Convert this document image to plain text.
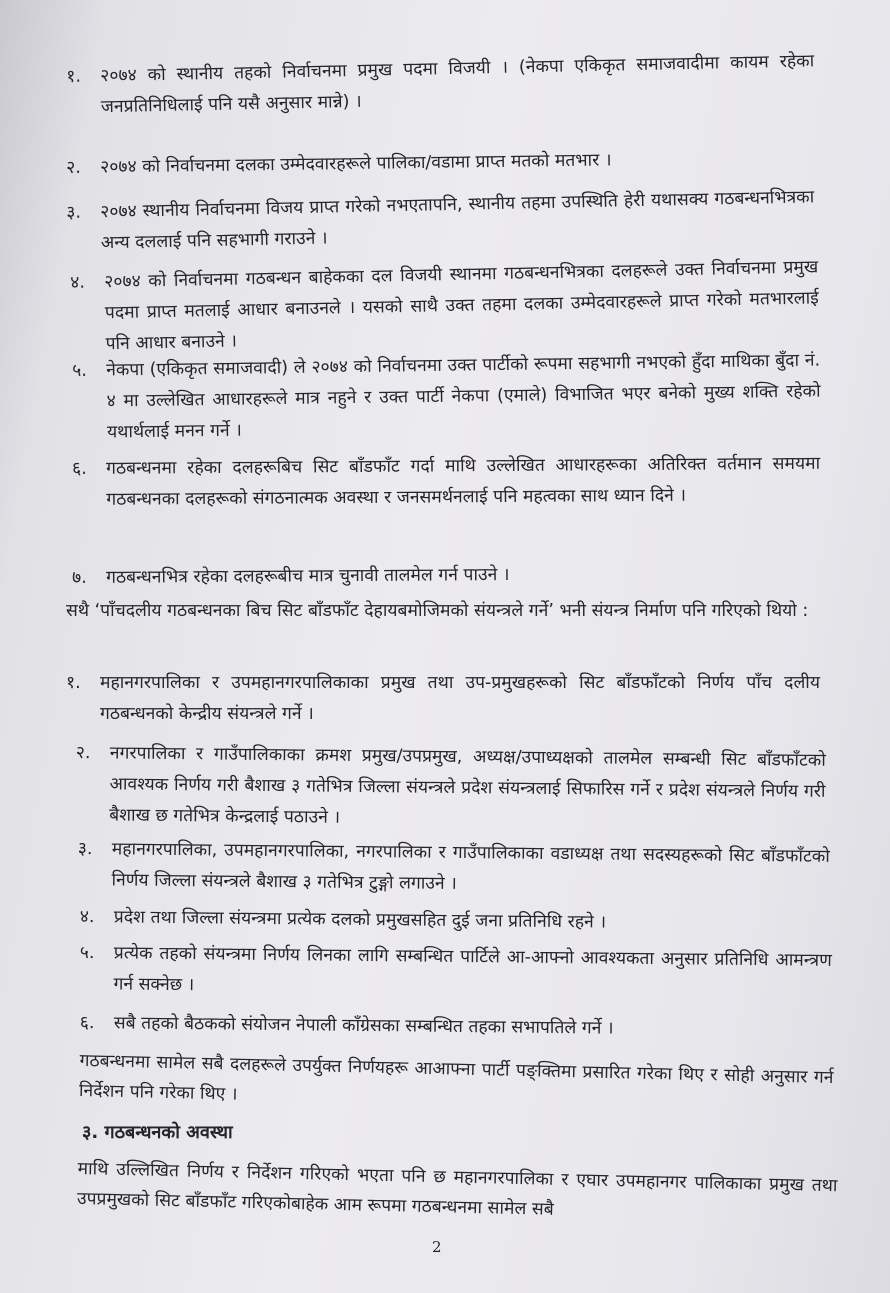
१.	२०७४ को स्थानीय तहको निर्वाचनमा प्रमुख पदमा विजयी । (नेकपा एकिकृत समाजवादीमा कायम रहेका जनप्रतिनिधिलाई पनि यसै अनुसार मान्ने) ।
२.	२०७४ को निर्वाचनमा दलका उम्मेदवारहरूले पालिका/वडामा प्राप्त मतको मतभार ।
३.	२०७४ स्थानीय निर्वाचनमा विजय प्राप्त गरेको नभएतापनि, स्थानीय तहमा उपस्थिति हेरी यथासक्य गठबन्धनभित्रका अन्य दललाई पनि सहभागी गराउने ।
४.	२०७४ को निर्वाचनमा गठबन्धन बाहेकका दल विजयी स्थानमा गठबन्धनभित्रका दलहरूले उक्त निर्वाचनमा प्रमुख पदमा प्राप्त मतलाई आधार बनाउनले । यसको साथै उक्त तहमा दलका उम्मेदवारहरूले प्राप्त गरेको मतभारलाई पनि आधार बनाउने ।
५.	नेकपा (एकिकृत समाजवादी) ले २०७४ को निर्वाचनमा उक्त पार्टीको रूपमा सहभागी नभएको हुँदा माथिका बुँदा नं. ४ मा उल्लेखित आधारहरूले मात्र नहुने र उक्त पार्टी नेकपा (एमाले) विभाजित भएर बनेको मुख्य शक्ति रहेको यथार्थलाई मनन गर्ने ।
६.	गठबन्धनमा रहेका दलहरूबिच सिट बाँडफाँट गर्दा माथि उल्लेखित आधारहरूका अतिरिक्त वर्तमान समयमा गठबन्धनका दलहरूको संगठनात्मक अवस्था र जनसमर्थनलाई पनि महत्वका साथ ध्यान दिने ।
७.	गठबन्धनभित्र रहेका दलहरूबीच मात्र चुनावी तालमेल गर्न पाउने ।
सथै ‘पाँचदलीय गठबन्धनका बिच सिट बाँडफाँट देहायबमोजिमको संयन्त्रले गर्ने’ भनी संयन्त्र निर्माण पनि गरिएको थियो :
१.	महानगरपालिका र उपमहानगरपालिकाका प्रमुख तथा उप-प्रमुखहरूको सिट बाँडफाँटको निर्णय पाँच दलीय गठबन्धनको केन्द्रीय संयन्त्रले गर्ने ।
२.	नगरपालिका र गाउँपालिकाका क्रमश प्रमुख/उपप्रमुख, अध्यक्ष/उपाध्यक्षको तालमेल सम्बन्धी सिट बाँडफाँटको आवश्यक निर्णय गरी बैशाख ३ गतेभित्र जिल्ला संयन्त्रले प्रदेश संयन्त्रलाई सिफारिस गर्ने र प्रदेश संयन्त्रले निर्णय गरी बैशाख छ गतेभित्र केन्द्रलाई पठाउने ।
३.	महानगरपालिका, उपमहानगरपालिका, नगरपालिका र गाउँपालिकाका वडाध्यक्ष तथा सदस्यहरूको सिट बाँडफाँटको निर्णय जिल्ला संयन्त्रले बैशाख ३ गतेभित्र टुङ्गो लगाउने ।
४.	प्रदेश तथा जिल्ला संयन्त्रमा प्रत्येक दलको प्रमुखसहित दुई जना प्रतिनिधि रहने ।
५.	प्रत्येक तहको संयन्त्रमा निर्णय लिनका लागि सम्बन्धित पार्टिले आ-आफ्नो आवश्यकता अनुसार प्रतिनिधि आमन्त्रण गर्न सक्नेछ ।
६.	सबै तहको बैठकको संयोजन नेपाली काँग्रेसका सम्बन्धित तहका सभापतिले गर्ने ।
गठबन्धनमा सामेल सबै दलहरूले उपर्युक्त निर्णयहरू आआफ्ना पार्टी पङ्क्तिमा प्रसारित गरेका थिए र सोही अनुसार गर्न निर्देशन पनि गरेका थिए ।
३. गठबन्धनको अवस्था
माथि उल्लिखित निर्णय र निर्देशन गरिएको भएता पनि छ महानगरपालिका र एघार उपमहानगर पालिकाका प्रमुख तथा उपप्रमुखको सिट बाँडफाँट गरिएकोबाहेक आम रूपमा गठबन्धनमा सामेल सबै
2
